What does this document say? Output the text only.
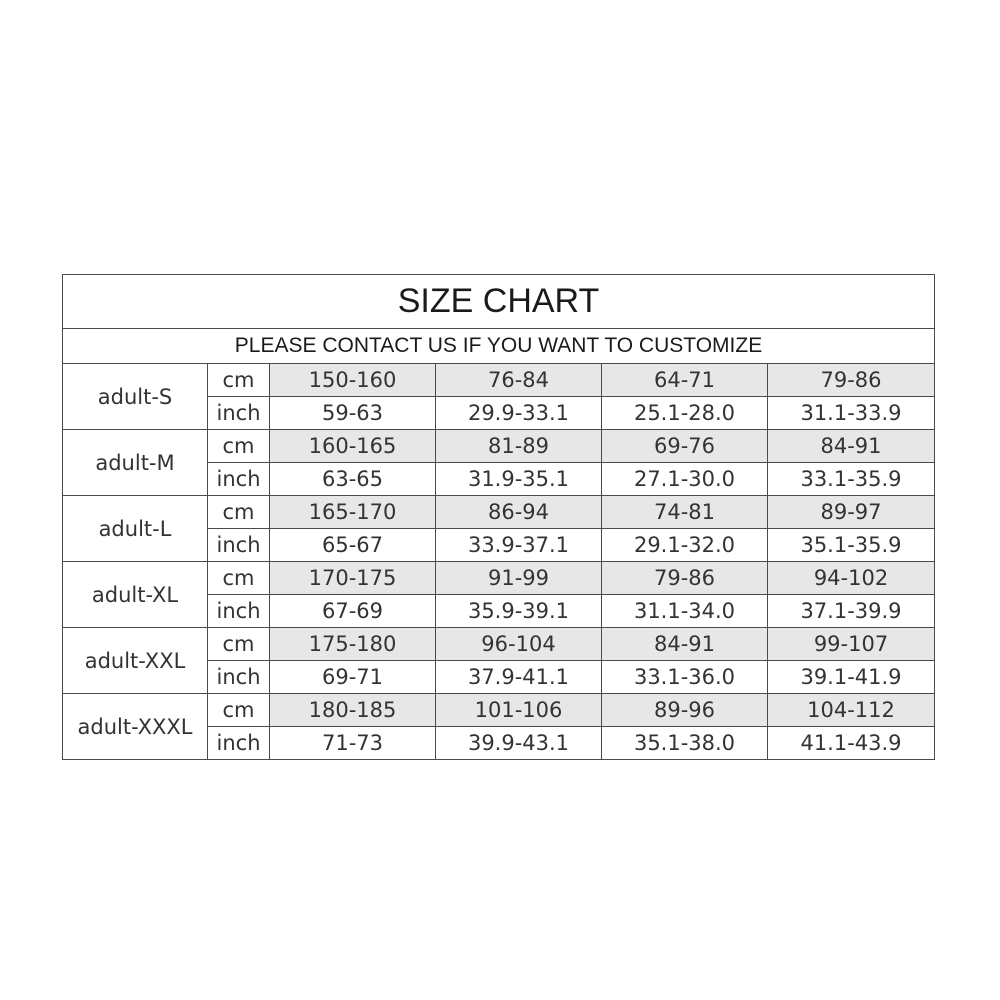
SIZE CHART					
PLEASE CONTACT US IF YOU WANT TO CUSTOMIZE					
adult-S	cm	150-160	76-84	64-71	79-86
	inch	59-63	29.9-33.1	25.1-28.0	31.1-33.9
adult-M	cm	160-165	81-89	69-76	84-91
	inch	63-65	31.9-35.1	27.1-30.0	33.1-35.9
adult-L	cm	165-170	86-94	74-81	89-97
	inch	65-67	33.9-37.1	29.1-32.0	35.1-35.9
adult-XL	cm	170-175	91-99	79-86	94-102
	inch	67-69	35.9-39.1	31.1-34.0	37.1-39.9
adult-XXL	cm	175-180	96-104	84-91	99-107
	inch	69-71	37.9-41.1	33.1-36.0	39.1-41.9
adult-XXXL	cm	180-185	101-106	89-96	104-112
	inch	71-73	39.9-43.1	35.1-38.0	41.1-43.9
